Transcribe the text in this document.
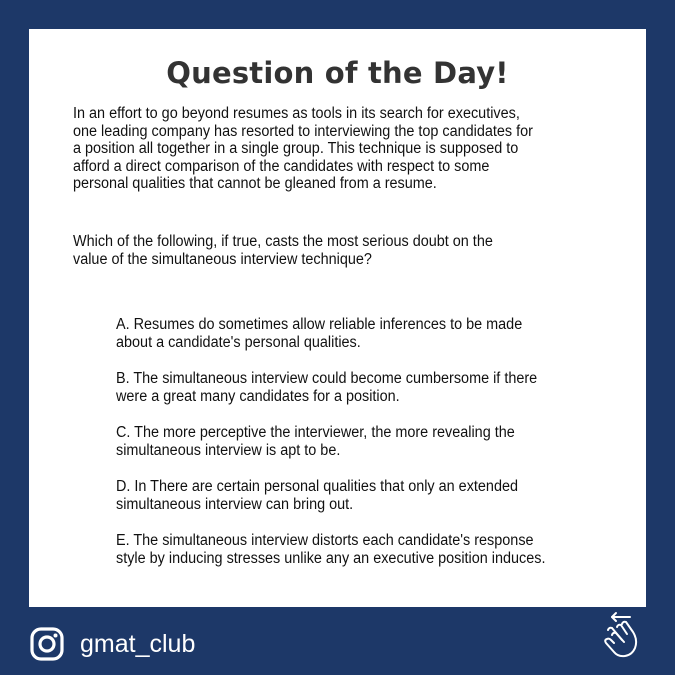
Question of the Day!

In an effort to go beyond resumes as tools in its search for executives,
one leading company has resorted to interviewing the top candidates for
a position all together in a single group. This technique is supposed to
afford a direct comparison of the candidates with respect to some
personal qualities that cannot be gleaned from a resume.

Which of the following, if true, casts the most serious doubt on the
value of the simultaneous interview technique?

A. Resumes do sometimes allow reliable inferences to be made
about a candidate's personal qualities.

B. The simultaneous interview could become cumbersome if there
were a great many candidates for a position.

C. The more perceptive the interviewer, the more revealing the
simultaneous interview is apt to be.

D. In There are certain personal qualities that only an extended
simultaneous interview can bring out.

E. The simultaneous interview distorts each candidate's response
style by inducing stresses unlike any an executive position induces.

gmat_club
